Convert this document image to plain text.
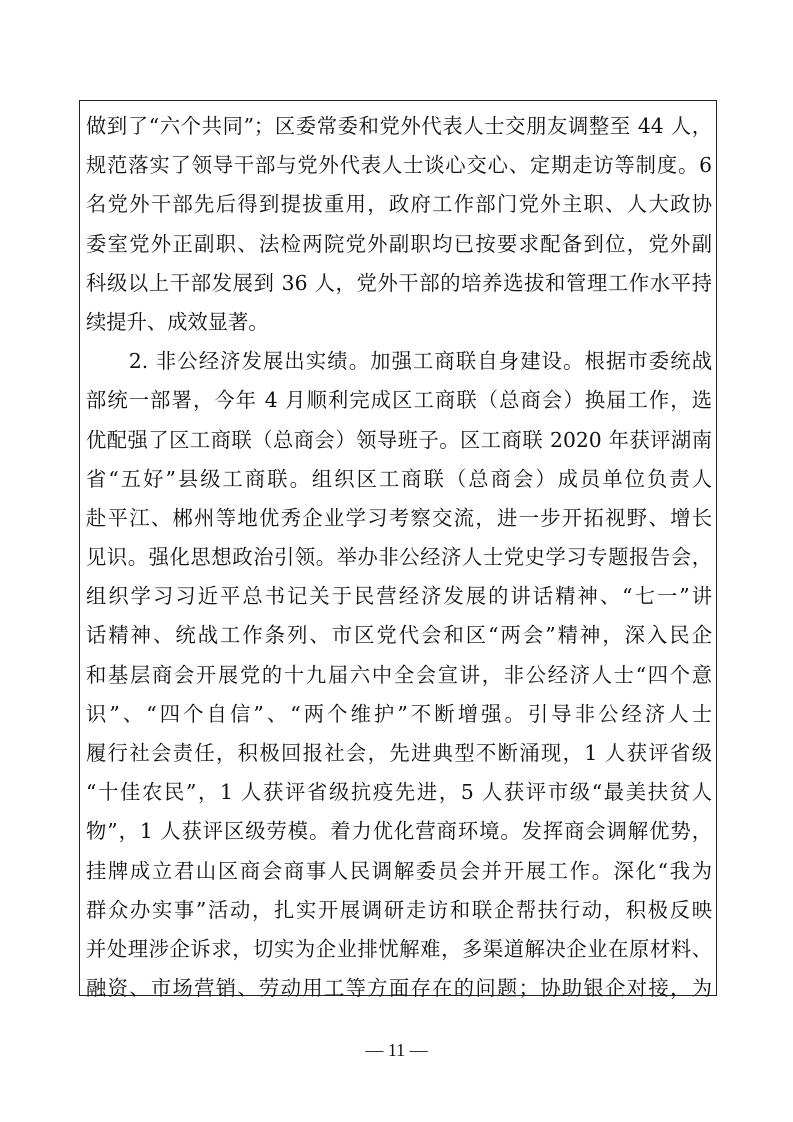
做到了“六个共同”；区委常委和党外代表人士交朋友调整至 44 人，
规范落实了领导干部与党外代表人士谈心交心、定期走访等制度。6
名党外干部先后得到提拔重用，政府工作部门党外主职、人大政协
委室党外正副职、法检两院党外副职均已按要求配备到位，党外副
科级以上干部发展到 36 人，党外干部的培养选拔和管理工作水平持
续提升、成效显著。
　　2. 非公经济发展出实绩。加强工商联自身建设。根据市委统战
部统一部署，今年 4 月顺利完成区工商联（总商会）换届工作，选
优配强了区工商联（总商会）领导班子。区工商联 2020 年获评湖南
省“五好”县级工商联。组织区工商联（总商会）成员单位负责人
赴平江、郴州等地优秀企业学习考察交流，进一步开拓视野、增长
见识。强化思想政治引领。举办非公经济人士党史学习专题报告会，
组织学习习近平总书记关于民营经济发展的讲话精神、“七一”讲
话精神、统战工作条列、市区党代会和区“两会”精神，深入民企
和基层商会开展党的十九届六中全会宣讲，非公经济人士“四个意
识”、“四个自信”、“两个维护”不断增强。引导非公经济人士
履行社会责任，积极回报社会，先进典型不断涌现，1 人获评省级
“十佳农民”，1 人获评省级抗疫先进，5 人获评市级“最美扶贫人
物”，1 人获评区级劳模。着力优化营商环境。发挥商会调解优势，
挂牌成立君山区商会商事人民调解委员会并开展工作。深化“我为
群众办实事”活动，扎实开展调研走访和联企帮扶行动，积极反映
并处理涉企诉求，切实为企业排忧解难，多渠道解决企业在原材料、
融资、市场营销、劳动用工等方面存在的问题；协助银企对接，为
— 11 —
